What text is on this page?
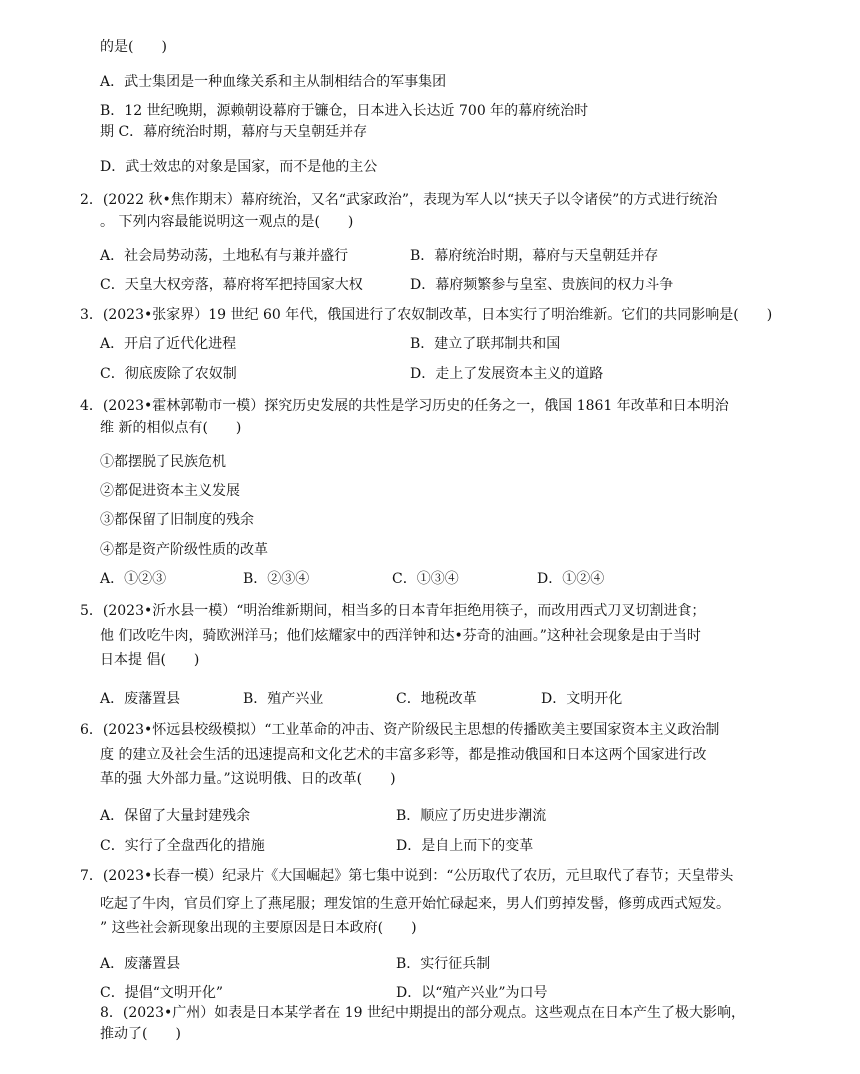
的是(　　)
A．武士集团是一种血缘关系和主从制相结合的军事集团
B．12 世纪晚期，源赖朝设幕府于镰仓，日本进入长达近 700 年的幕府统治时
期 C．幕府统治时期，幕府与天皇朝廷并存
D．武士效忠的对象是国家，而不是他的主公
2．(2022 秋•焦作期末）幕府统治，又名“武家政治”，表现为军人以“挟天子以令诸侯”的方式进行统治
。 下列内容最能说明这一观点的是(　　)
A．社会局势动荡，土地私有与兼并盛行	B．幕府统治时期，幕府与天皇朝廷并存
C．天皇大权旁落，幕府将军把持国家大权	D．幕府频繁参与皇室、贵族间的权力斗争
3．(2023•张家界）19 世纪 60 年代，俄国进行了农奴制改革，日本实行了明治维新。它们的共同影响是(　　)
A．开启了近代化进程	B．建立了联邦制共和国
C．彻底废除了农奴制	D．走上了发展资本主义的道路
4．(2023•霍林郭勒市一模）探究历史发展的共性是学习历史的任务之一，俄国 1861 年改革和日本明治
维 新的相似点有(　　)
①都摆脱了民族危机
②都促进资本主义发展
③都保留了旧制度的残余
④都是资产阶级性质的改革
A．①②③	B．②③④	C．①③④	D．①②④
5．(2023•沂水县一模）“明治维新期间，相当多的日本青年拒绝用筷子，而改用西式刀叉切割进食；
他 们改吃牛肉，骑欧洲洋马；他们炫耀家中的西洋钟和达•芬奇的油画。”这种社会现象是由于当时
日本提 倡(　　)
A．废藩置县	B．殖产兴业	C．地税改革	D．文明开化
6．(2023•怀远县校级模拟）“工业革命的冲击、资产阶级民主思想的传播欧美主要国家资本主义政治制
度 的建立及社会生活的迅速提高和文化艺术的丰富多彩等，都是推动俄国和日本这两个国家进行改
革的强 大外部力量。”这说明俄、日的改革(　　)
A．保留了大量封建残余	B．顺应了历史进步潮流
C．实行了全盘西化的措施	D．是自上而下的变革
7．(2023•长春一模）纪录片《大国崛起》第七集中说到：“公历取代了农历，元旦取代了春节；天皇带头
吃起了牛肉，官员们穿上了燕尾服；理发馆的生意开始忙碌起来，男人们剪掉发髻，修剪成西式短发。
” 这些社会新现象出现的主要原因是日本政府(　　)
A．废藩置县	B．实行征兵制
C．提倡“文明开化”	D．以“殖产兴业”为口号
8．(2023•广州）如表是日本某学者在 19 世纪中期提出的部分观点。这些观点在日本产生了极大影响，
推动了(　　)
